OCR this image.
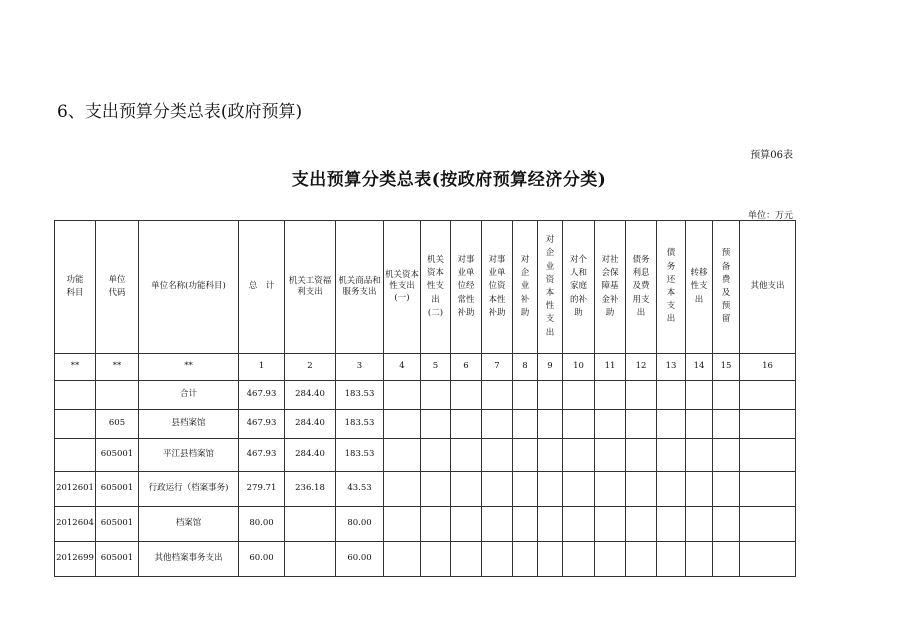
6、支出预算分类总表(政府预算)
预算06表
支出预算分类总表(按政府预算经济分类)
单位：万元
功能科目	单位代码	单位名称(功能科目)	总　计	机关工资福利支出	机关商品和服务支出	机关资本性支出(一)	机关资本性支出(二)	对事业单位经常性补助	对事业单位资本性补助	对企业补助	对企业资本性支出	对个人和家庭的补助	对社会保障基金补助	债务利息及费用支出	债务还本支出	转移性支出	预备费及预留	其他支出
**	**	**	1	2	3	4	5	6	7	8	9	10	11	12	13	14	15	16
		合计	467.93	284.40	183.53													
	605	县档案馆	467.93	284.40	183.53													
	605001	平江县档案馆	467.93	284.40	183.53													
2012601	605001	行政运行（档案事务)	279.71	236.18	43.53													
2012604	605001	档案馆	80.00		80.00													
2012699	605001	其他档案事务支出	60.00		60.00													
